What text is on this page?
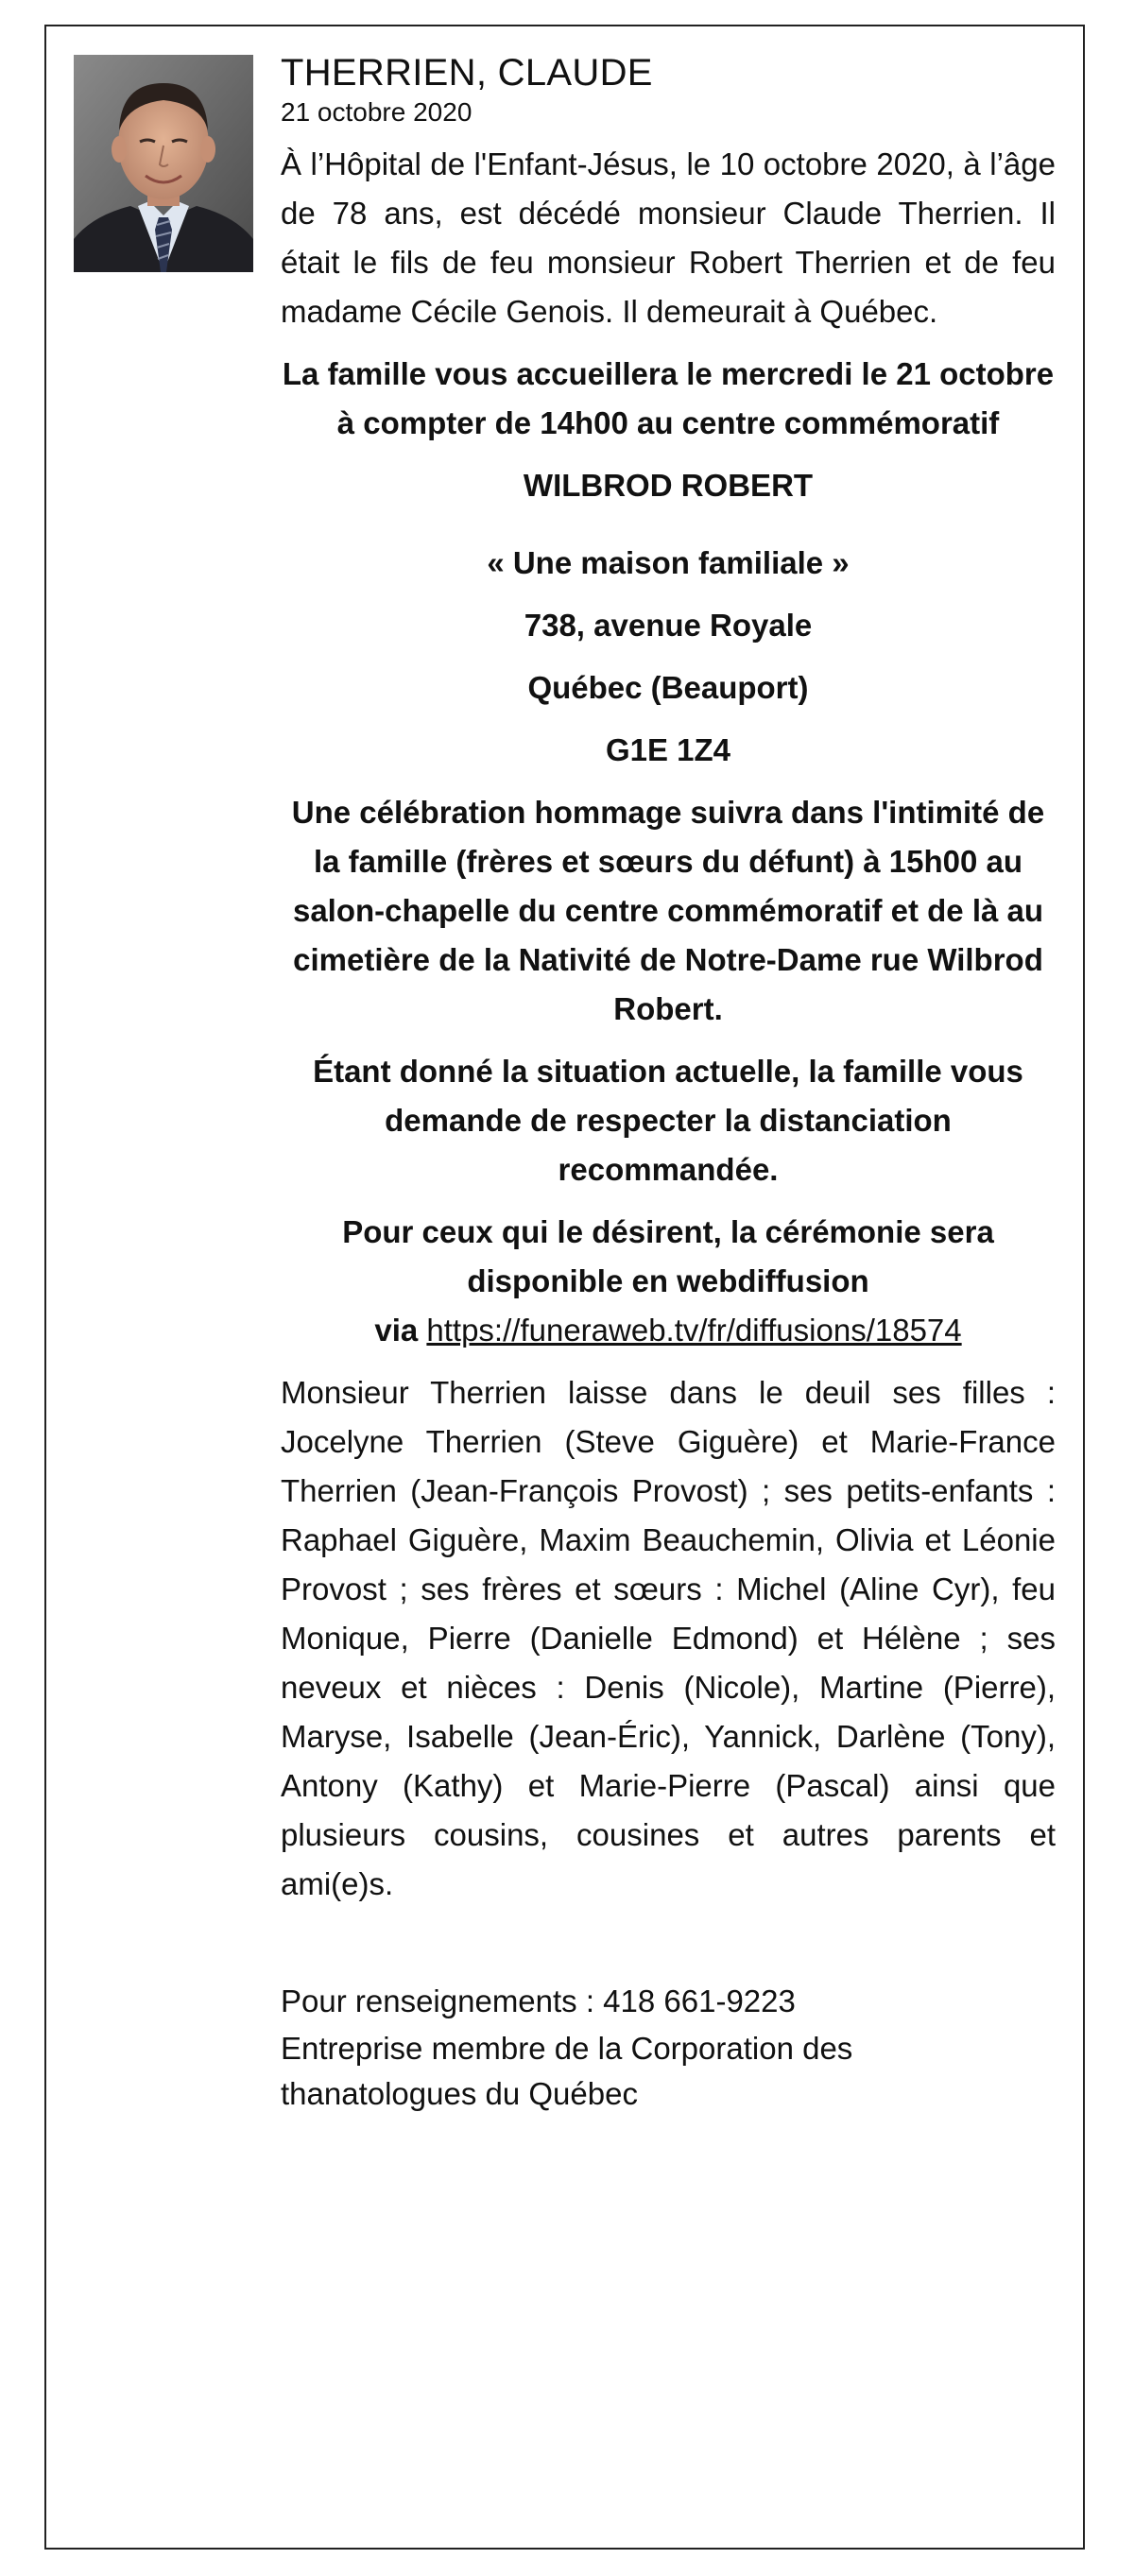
THERRIEN, CLAUDE

21 octobre 2020

À l’Hôpital de l'Enfant-Jésus, le 10 octobre 2020, à l’âge de 78 ans, est décédé monsieur Claude Therrien. Il était le fils de feu monsieur Robert Therrien et de feu madame Cécile Genois. Il demeurait à Québec.

La famille vous accueillera le mercredi le 21 octobre à compter de 14h00 au centre commémoratif

WILBROD ROBERT

« Une maison familiale »

738, avenue Royale

Québec (Beauport)

G1E 1Z4

Une célébration hommage suivra dans l'intimité de la famille (frères et sœurs du défunt) à 15h00 au salon-chapelle du centre commémoratif et de là au cimetière de la Nativité de Notre-Dame rue Wilbrod Robert.

Étant donné la situation actuelle, la famille vous demande de respecter la distanciation recommandée.

Pour ceux qui le désirent, la cérémonie sera disponible en webdiffusion
via https://funeraweb.tv/fr/diffusions/18574

Monsieur Therrien laisse dans le deuil ses filles : Jocelyne Therrien (Steve Giguère) et Marie-France Therrien (Jean-François Provost) ; ses petits-enfants : Raphael Giguère, Maxim Beauchemin, Olivia et Léonie Provost ; ses frères et sœurs : Michel (Aline Cyr), feu Monique, Pierre (Danielle Edmond) et Hélène ; ses neveux et nièces : Denis (Nicole), Martine (Pierre), Maryse, Isabelle (Jean-Éric), Yannick, Darlène (Tony), Antony (Kathy) et Marie-Pierre (Pascal) ainsi que plusieurs cousins, cousines et autres parents et ami(e)s.

Pour renseignements : 418 661-9223

Entreprise membre de la Corporation des thanatologues du Québec
